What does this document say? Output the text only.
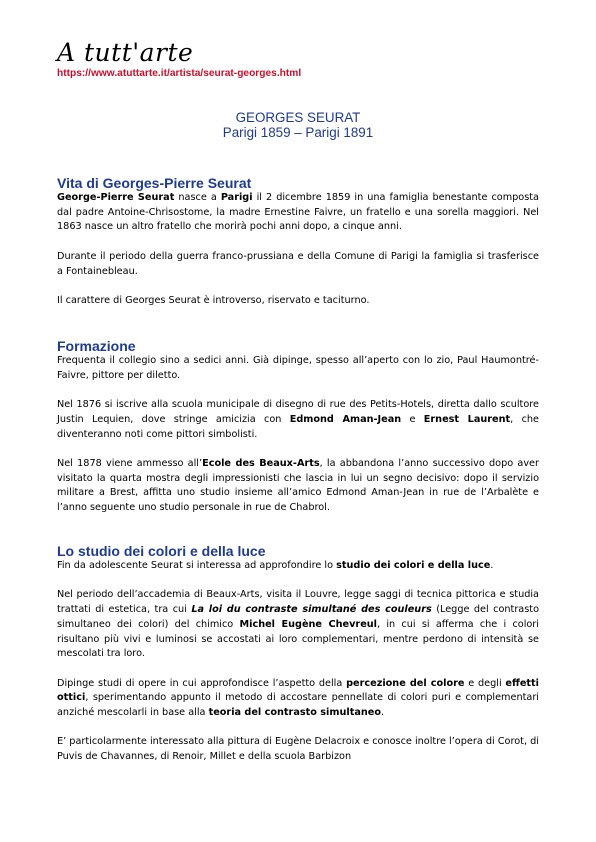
A tutt'arte
https://www.atuttarte.it/artista/seurat-georges.html
GEORGES SEURAT
Parigi 1859 – Parigi 1891
Vita di Georges-Pierre Seurat

George-Pierre Seurat nasce a Parigi il 2 dicembre 1859 in una famiglia benestante composta dal padre Antoine-Chrisostome, la madre Ernestine Faivre, un fratello e una sorella maggiori. Nel 1863 nasce un altro fratello che morirà pochi anni dopo, a cinque anni.

Durante il periodo della guerra franco-prussiana e della Comune di Parigi la famiglia si trasferisce a Fontainebleau.

Il carattere di Georges Seurat è introverso, riservato e taciturno.

Formazione

Frequenta il collegio sino a sedici anni. Già dipinge, spesso all’aperto con lo zio, Paul Haumontré-Faivre, pittore per diletto.

Nel 1876 si iscrive alla scuola municipale di disegno di rue des Petits-Hotels, diretta dallo scultore Justin Lequien, dove stringe amicizia con Edmond Aman-Jean e Ernest Laurent, che diventeranno noti come pittori simbolisti.

Nel 1878 viene ammesso all’Ecole des Beaux-Arts, la abbandona l’anno successivo dopo aver visitato la quarta mostra degli impressionisti che lascia in lui un segno decisivo: dopo il servizio militare a Brest, affitta uno studio insieme all’amico Edmond Aman-Jean in rue de l’Arbalète e l’anno seguente uno studio personale in rue de Chabrol.

Lo studio dei colori e della luce

Fin da adolescente Seurat si interessa ad approfondire lo studio dei colori e della luce.

Nel periodo dell’accademia di Beaux-Arts, visita il Louvre, legge saggi di tecnica pittorica e studia trattati di estetica, tra cui La loi du contraste simultané des couleurs (Legge del contrasto simultaneo dei colori) del chimico Michel Eugène Chevreul, in cui si afferma che i colori risultano più vivi e luminosi se accostati ai loro complementari, mentre perdono di intensità se mescolati tra loro.

Dipinge studi di opere in cui approfondisce l’aspetto della percezione del colore e degli effetti ottici, sperimentando appunto il metodo di accostare pennellate di colori puri e complementari anziché mescolarli in base alla teoria del contrasto simultaneo.

E’ particolarmente interessato alla pittura di Eugène Delacroix e conosce inoltre l’opera di Corot, di Puvis de Chavannes, di Renoir, Millet e della scuola Barbizon
